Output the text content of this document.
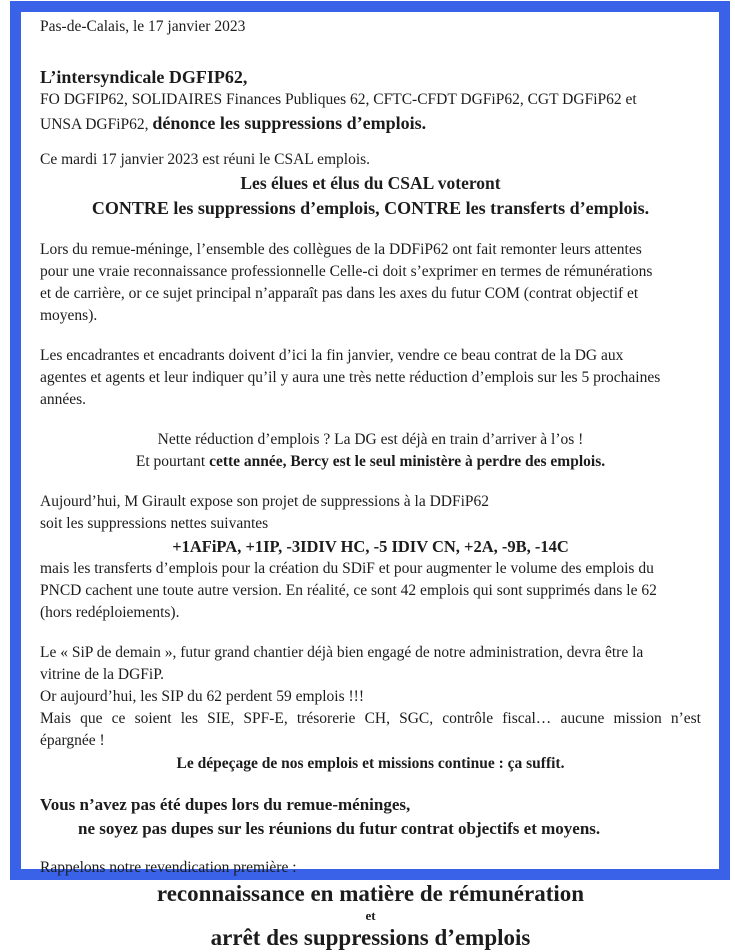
Pas-de-Calais, le 17 janvier 2023
L’intersyndicale DGFIP62,
FO DGFIP62, SOLIDAIRES Finances Publiques 62, CFTC-CFDT DGFiP62, CGT DGFiP62 et
UNSA DGFiP62, dénonce les suppressions d’emplois.
Ce mardi 17 janvier 2023 est réuni le CSAL emplois.
Les élues et élus du CSAL voteront
CONTRE les suppressions d’emplois, CONTRE les transferts d’emplois.
Lors du remue-méninge, l’ensemble des collègues de la DDFiP62 ont fait remonter leurs attentes
pour une vraie reconnaissance professionnelle Celle-ci doit s’exprimer en termes de rémunérations
et de carrière, or ce sujet principal n’apparaît pas dans les axes du futur COM (contrat objectif et
moyens).
Les encadrantes et encadrants doivent d’ici la fin janvier, vendre ce beau contrat de la DG aux
agentes et agents et leur indiquer qu’il y aura une très nette réduction d’emplois sur les 5 prochaines
années.
Nette réduction d’emplois ? La DG est déjà en train d’arriver à l’os !
Et pourtant cette année, Bercy est le seul ministère à perdre des emplois.
Aujourd’hui, M Girault expose son projet de suppressions à la DDFiP62
soit les suppressions nettes suivantes
+1AFiPA, +1IP, -3IDIV HC, -5 IDIV CN, +2A, -9B, -14C
mais les transferts d’emplois pour la création du SDiF et pour augmenter le volume des emplois du
PNCD cachent une toute autre version. En réalité, ce sont 42 emplois qui sont supprimés dans le 62
(hors redéploiements).
Le « SiP de demain », futur grand chantier déjà bien engagé de notre administration, devra être la
vitrine de la DGFiP.
Or aujourd’hui, les SIP du 62 perdent 59 emplois !!!
Mais que ce soient les SIE, SPF-E, trésorerie CH, SGC, contrôle fiscal… aucune mission n’est
épargnée !
Le dépeçage de nos emplois et missions continue : ça suffit.
Vous n’avez pas été dupes lors du remue-méninges,
ne soyez pas dupes sur les réunions du futur contrat objectifs et moyens.
Rappelons notre revendication première :
reconnaissance en matière de rémunération
et
arrêt des suppressions d’emplois
